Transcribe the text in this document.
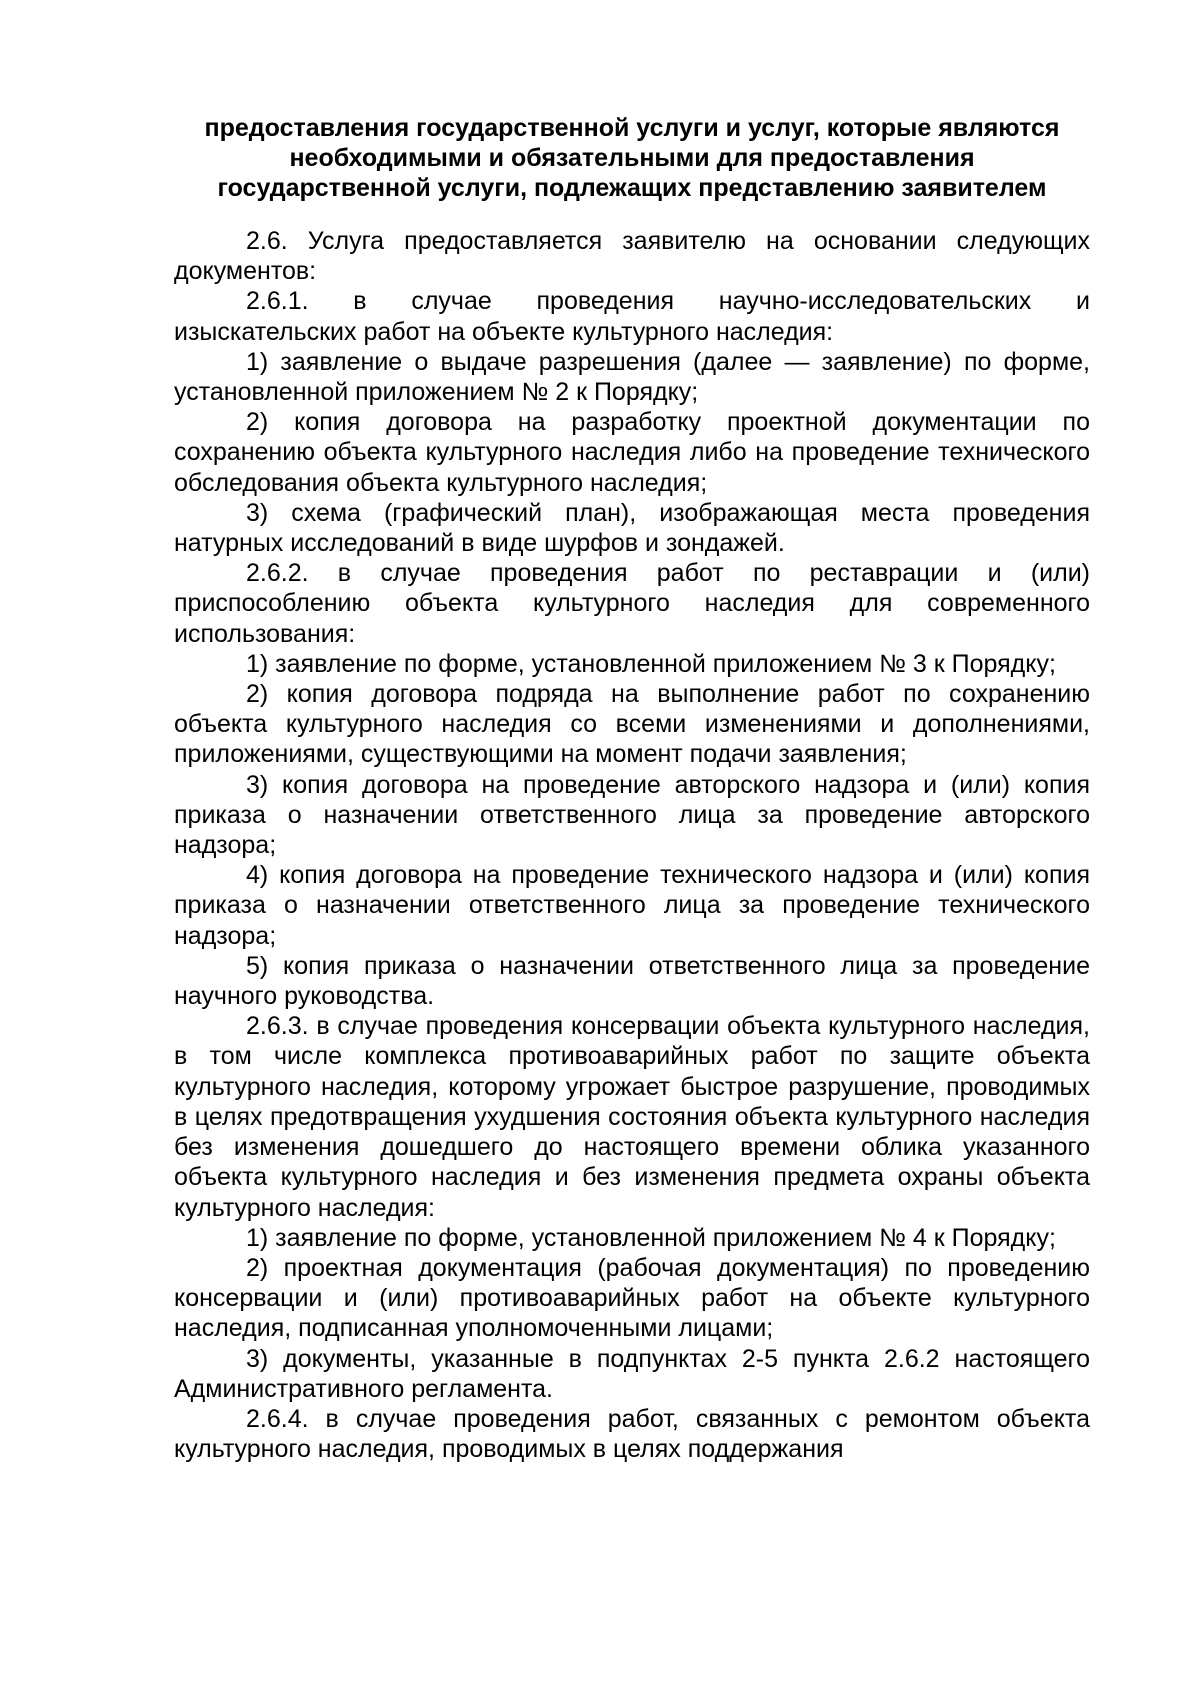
предоставления государственной услуги и услуг, которые являются
необходимыми и обязательными для предоставления
государственной услуги, подлежащих представлению заявителем

2.6. Услуга предоставляется заявителю на основании следующих документов:

2.6.1. в случае проведения научно-исследовательских и изыскательских работ на объекте культурного наследия:

1) заявление о выдаче разрешения (далее — заявление) по форме, установленной приложением № 2 к Порядку;

2) копия договора на разработку проектной документации по сохранению объекта культурного наследия либо на проведение технического обследования объекта культурного наследия;

3) схема (графический план), изображающая места проведения натурных исследований в виде шурфов и зондажей.

2.6.2. в случае проведения работ по реставрации и (или) приспособлению объекта культурного наследия для современного использования:

1) заявление по форме, установленной приложением № 3 к Порядку;

2) копия договора подряда на выполнение работ по сохранению объекта культурного наследия со всеми изменениями и дополнениями, приложениями, существующими на момент подачи заявления;

3) копия договора на проведение авторского надзора и (или) копия приказа о назначении ответственного лица за проведение авторского надзора;

4) копия договора на проведение технического надзора и (или) копия приказа о назначении ответственного лица за проведение технического надзора;

5) копия приказа о назначении ответственного лица за проведение научного руководства.

2.6.3. в случае проведения консервации объекта культурного наследия, в том числе комплекса противоаварийных работ по защите объекта культурного наследия, которому угрожает быстрое разрушение, проводимых в целях предотвращения ухудшения состояния объекта культурного наследия без изменения дошедшего до настоящего времени облика указанного объекта культурного наследия и без изменения предмета охраны объекта культурного наследия:

1) заявление по форме, установленной приложением № 4 к Порядку;

2) проектная документация (рабочая документация) по проведению консервации и (или) противоаварийных работ на объекте культурного наследия, подписанная уполномоченными лицами;

3) документы, указанные в подпунктах 2-5 пункта 2.6.2 настоящего Административного регламента.

2.6.4. в случае проведения работ, связанных с ремонтом объекта культурного наследия, проводимых в целях поддержания
